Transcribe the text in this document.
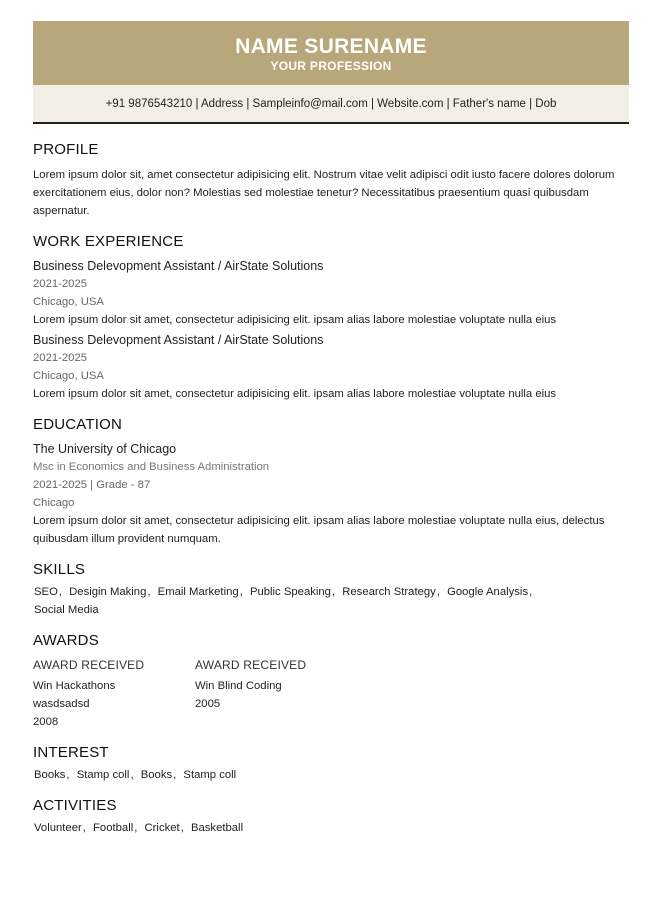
NAME SURENAME
YOUR PROFESSION
+91 9876543210 | Address | Sampleinfo@mail.com | Website.com | Father's name | Dob
PROFILE
Lorem ipsum dolor sit, amet consectetur adipisicing elit. Nostrum vitae velit adipisci odit iusto facere dolores dolorum exercitationem eius, dolor non? Molestias sed molestiae tenetur? Necessitatibus praesentium quasi quibusdam aspernatur.
WORK EXPERIENCE
Business Delevopment Assistant / AirState Solutions
2021-2025
Chicago, USA
Lorem ipsum dolor sit amet, consectetur adipisicing elit. ipsam alias labore molestiae voluptate nulla eius
Business Delevopment Assistant / AirState Solutions
2021-2025
Chicago, USA
Lorem ipsum dolor sit amet, consectetur adipisicing elit. ipsam alias labore molestiae voluptate nulla eius
EDUCATION
The University of Chicago
Msc in Economics and Business Administration
2021-2025 | Grade - 87
Chicago
Lorem ipsum dolor sit amet, consectetur adipisicing elit. ipsam alias labore molestiae voluptate nulla eius, delectus quibusdam illum provident numquam.
SKILLS
SEO, Desigin Making, Email Marketing, Public Speaking, Research Strategy, Google Analysis,
Social Media
AWARDS
AWARD RECEIVED
Win Hackathons
wasdsadsd
2008
AWARD RECEIVED
Win Blind Coding
2005
INTEREST
Books, Stamp coll, Books, Stamp coll
ACTIVITIES
Volunteer, Football, Cricket, Basketball
